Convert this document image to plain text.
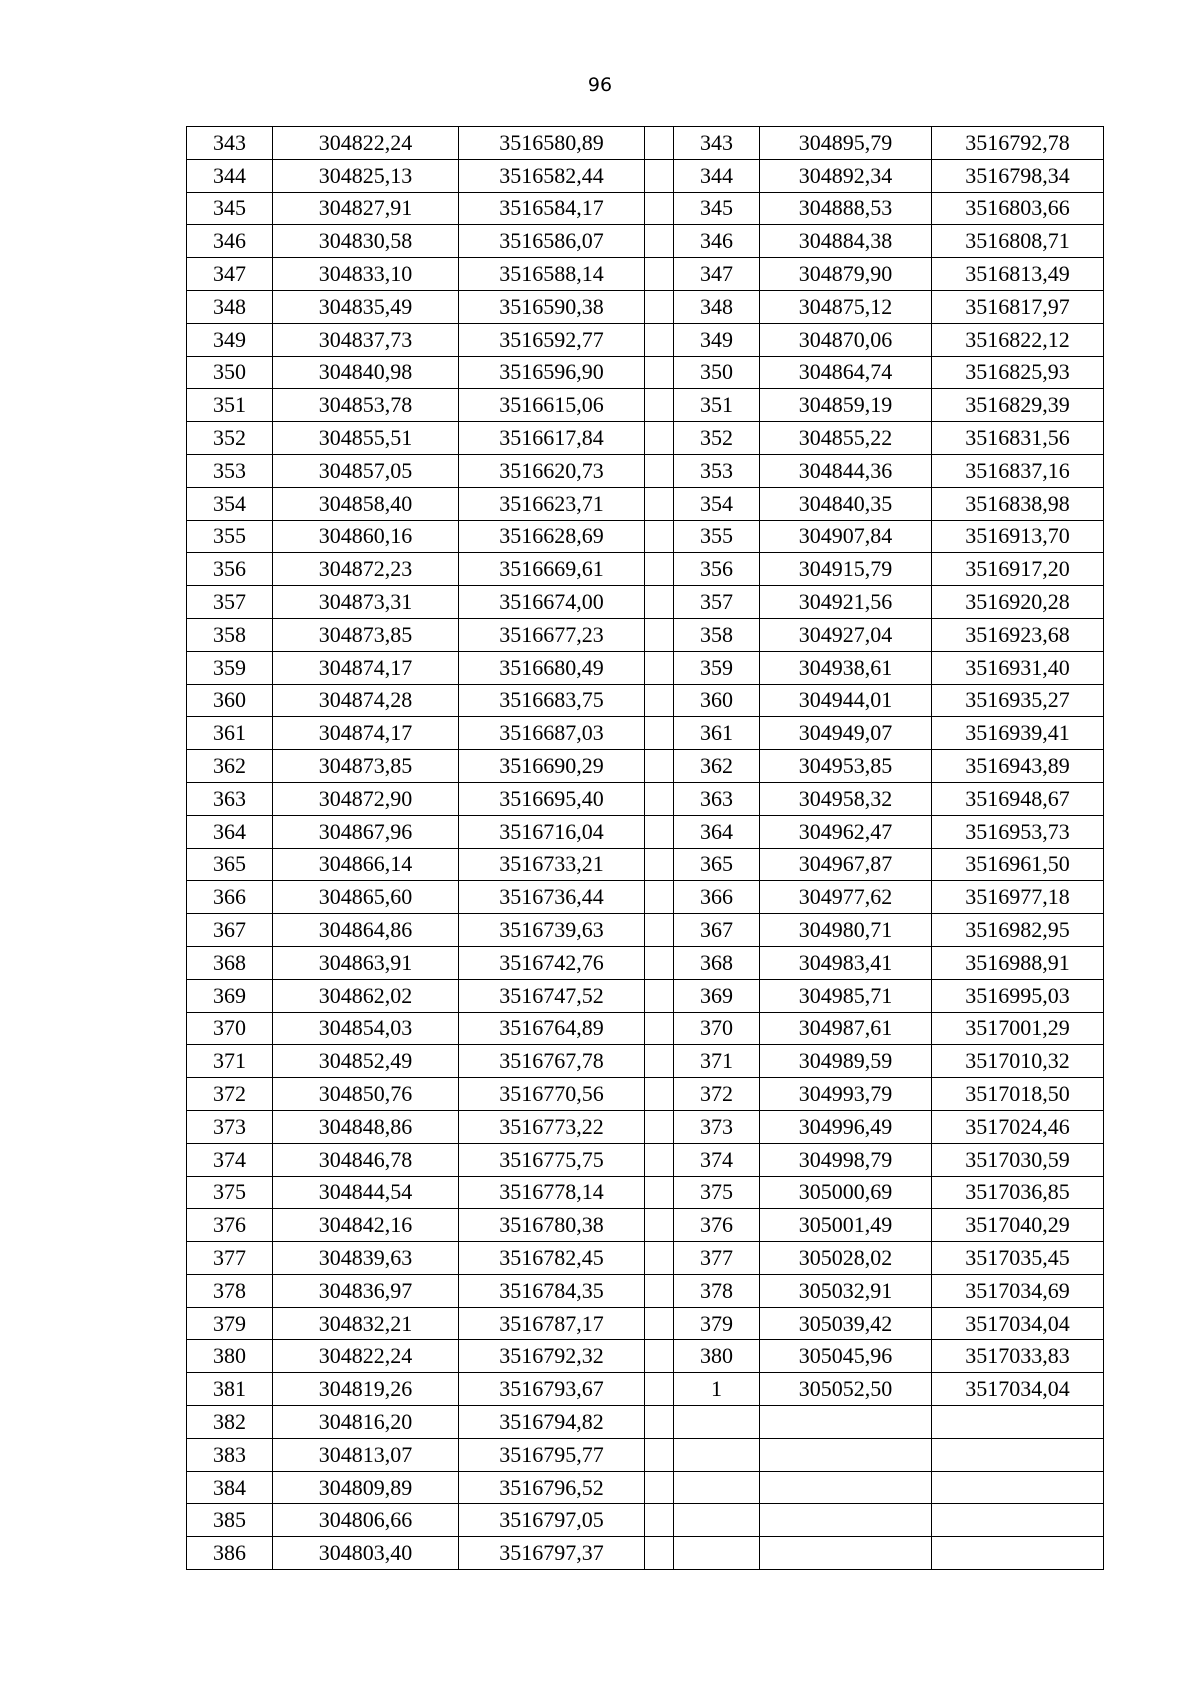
96
343	304822,24	3516580,89		343	304895,79	3516792,78
344	304825,13	3516582,44		344	304892,34	3516798,34
345	304827,91	3516584,17		345	304888,53	3516803,66
346	304830,58	3516586,07		346	304884,38	3516808,71
347	304833,10	3516588,14		347	304879,90	3516813,49
348	304835,49	3516590,38		348	304875,12	3516817,97
349	304837,73	3516592,77		349	304870,06	3516822,12
350	304840,98	3516596,90		350	304864,74	3516825,93
351	304853,78	3516615,06		351	304859,19	3516829,39
352	304855,51	3516617,84		352	304855,22	3516831,56
353	304857,05	3516620,73		353	304844,36	3516837,16
354	304858,40	3516623,71		354	304840,35	3516838,98
355	304860,16	3516628,69		355	304907,84	3516913,70
356	304872,23	3516669,61		356	304915,79	3516917,20
357	304873,31	3516674,00		357	304921,56	3516920,28
358	304873,85	3516677,23		358	304927,04	3516923,68
359	304874,17	3516680,49		359	304938,61	3516931,40
360	304874,28	3516683,75		360	304944,01	3516935,27
361	304874,17	3516687,03		361	304949,07	3516939,41
362	304873,85	3516690,29		362	304953,85	3516943,89
363	304872,90	3516695,40		363	304958,32	3516948,67
364	304867,96	3516716,04		364	304962,47	3516953,73
365	304866,14	3516733,21		365	304967,87	3516961,50
366	304865,60	3516736,44		366	304977,62	3516977,18
367	304864,86	3516739,63		367	304980,71	3516982,95
368	304863,91	3516742,76		368	304983,41	3516988,91
369	304862,02	3516747,52		369	304985,71	3516995,03
370	304854,03	3516764,89		370	304987,61	3517001,29
371	304852,49	3516767,78		371	304989,59	3517010,32
372	304850,76	3516770,56		372	304993,79	3517018,50
373	304848,86	3516773,22		373	304996,49	3517024,46
374	304846,78	3516775,75		374	304998,79	3517030,59
375	304844,54	3516778,14		375	305000,69	3517036,85
376	304842,16	3516780,38		376	305001,49	3517040,29
377	304839,63	3516782,45		377	305028,02	3517035,45
378	304836,97	3516784,35		378	305032,91	3517034,69
379	304832,21	3516787,17		379	305039,42	3517034,04
380	304822,24	3516792,32		380	305045,96	3517033,83
381	304819,26	3516793,67		1	305052,50	3517034,04
382	304816,20	3516794,82				
383	304813,07	3516795,77				
384	304809,89	3516796,52				
385	304806,66	3516797,05				
386	304803,40	3516797,37				
